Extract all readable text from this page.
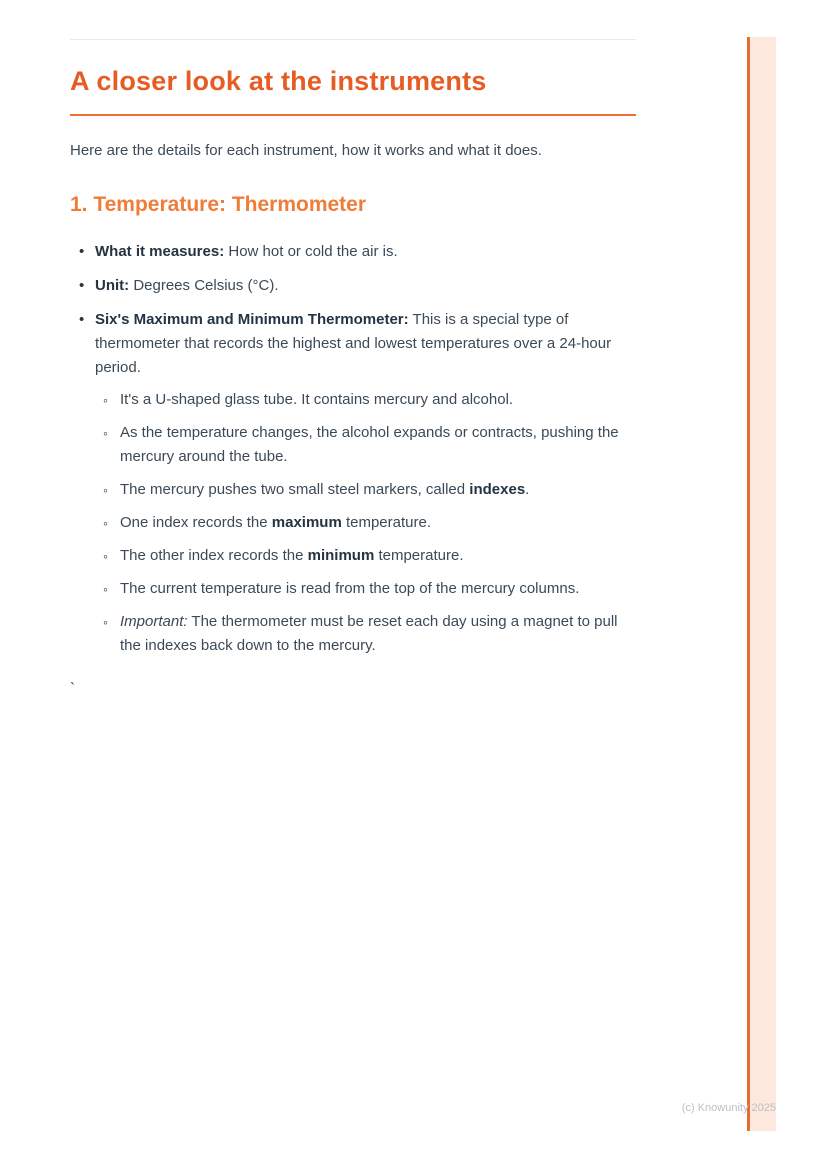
A closer look at the instruments

Here are the details for each instrument, how it works and what it does.

1. Temperature: Thermometer
• What it measures: How hot or cold the air is.
• Unit: Degrees Celsius (°C).
• Six's Maximum and Minimum Thermometer: This is a special type of thermometer that records the highest and lowest temperatures over a 24-hour period.
◦ It's a U-shaped glass tube. It contains mercury and alcohol.
◦ As the temperature changes, the alcohol expands or contracts, pushing the mercury around the tube.
◦ The mercury pushes two small steel markers, called indexes.
◦ One index records the maximum temperature.
◦ The other index records the minimum temperature.
◦ The current temperature is read from the top of the mercury columns.
◦ Important: The thermometer must be reset each day using a magnet to pull the indexes back down to the mercury.
`
(c) Knowunity 2025
